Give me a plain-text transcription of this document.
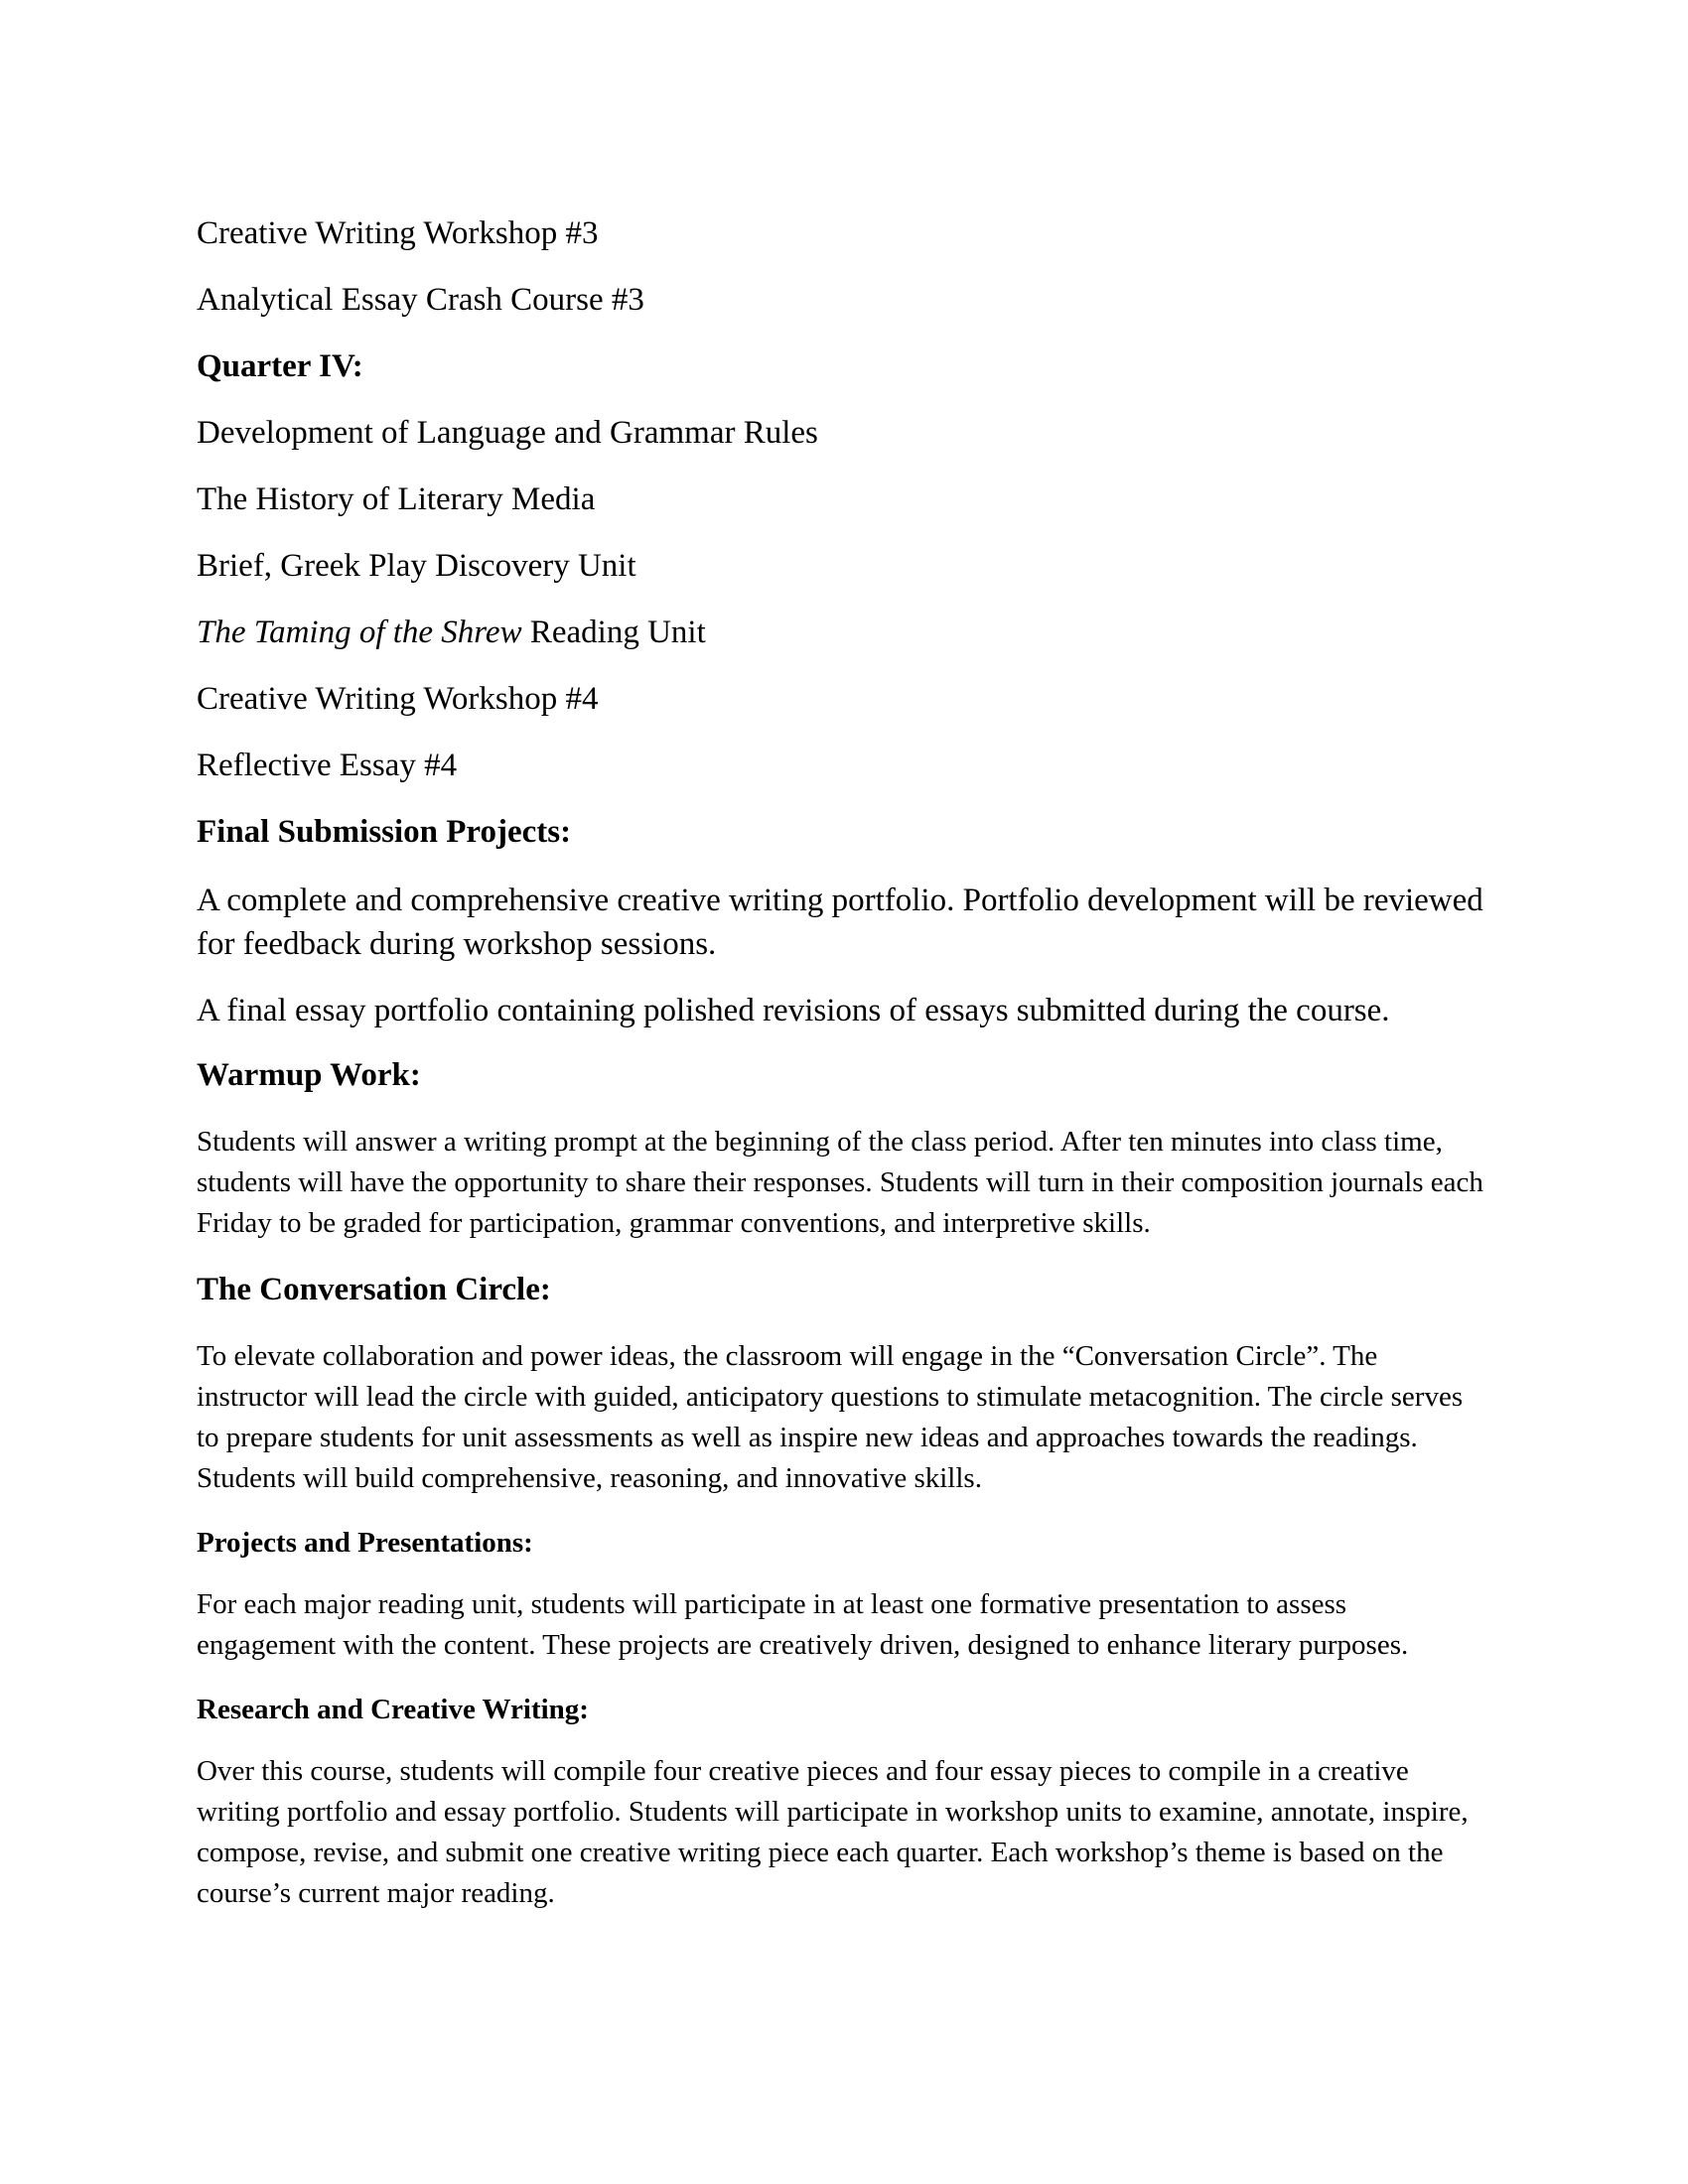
Creative Writing Workshop #3
Analytical Essay Crash Course #3
Quarter IV:
Development of Language and Grammar Rules
The History of Literary Media
Brief, Greek Play Discovery Unit
The Taming of the Shrew Reading Unit
Creative Writing Workshop #4
Reflective Essay #4
Final Submission Projects:
A complete and comprehensive creative writing portfolio. Portfolio development will be reviewed for feedback during workshop sessions.
A final essay portfolio containing polished revisions of essays submitted during the course.
Warmup Work:
Students will answer a writing prompt at the beginning of the class period. After ten minutes into class time, students will have the opportunity to share their responses. Students will turn in their composition journals each Friday to be graded for participation, grammar conventions, and interpretive skills.
The Conversation Circle:
To elevate collaboration and power ideas, the classroom will engage in the “Conversation Circle”. The instructor will lead the circle with guided, anticipatory questions to stimulate metacognition. The circle serves to prepare students for unit assessments as well as inspire new ideas and approaches towards the readings. Students will build comprehensive, reasoning, and innovative skills.
Projects and Presentations:
For each major reading unit, students will participate in at least one formative presentation to assess engagement with the content. These projects are creatively driven, designed to enhance literary purposes.
Research and Creative Writing:
Over this course, students will compile four creative pieces and four essay pieces to compile in a creative writing portfolio and essay portfolio. Students will participate in workshop units to examine, annotate, inspire, compose, revise, and submit one creative writing piece each quarter. Each workshop’s theme is based on the course’s current major reading.
